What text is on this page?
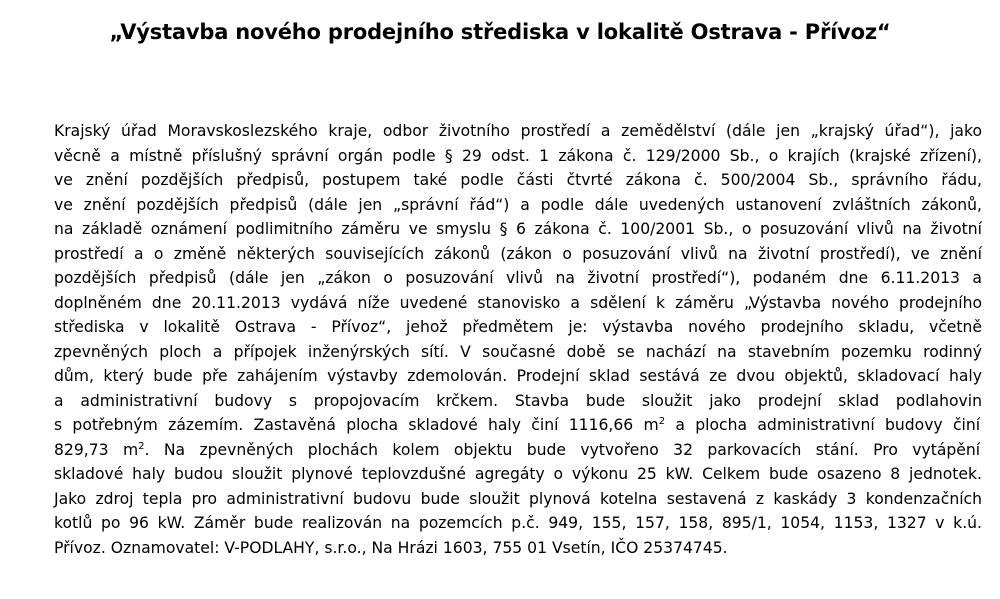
„Výstavba nového prodejního střediska v lokalitě Ostrava - Přívoz“
Krajský úřad Moravskoslezského kraje, odbor životního prostředí a zemědělství (dále jen „krajský úřad“), jako
věcně a místně příslušný správní orgán podle § 29 odst. 1 zákona č. 129/2000 Sb., o krajích (krajské zřízení),
ve znění pozdějších předpisů, postupem také podle části čtvrté zákona č. 500/2004 Sb., správního řádu,
ve znění pozdějších předpisů (dále jen „správní řád“) a podle dále uvedených ustanovení zvláštních zákonů,
na základě oznámení podlimitního záměru ve smyslu § 6 zákona č. 100/2001 Sb., o posuzování vlivů na životní
prostředí a o změně některých souvisejících zákonů (zákon o posuzování vlivů na životní prostředí), ve znění
pozdějších předpisů (dále jen „zákon o posuzování vlivů na životní prostředí“), podaném dne 6.11.2013 a
doplněném dne 20.11.2013 vydává níže uvedené stanovisko a sdělení k záměru „Výstavba nového prodejního
střediska v lokalitě Ostrava - Přívoz“, jehož předmětem je: výstavba nového prodejního skladu, včetně
zpevněných ploch a přípojek inženýrských sítí. V současné době se nachází na stavebním pozemku rodinný
dům, který bude pře zahájením výstavby zdemolován. Prodejní sklad sestává ze dvou objektů, skladovací haly
a administrativní budovy s propojovacím krčkem. Stavba bude sloužit jako prodejní sklad podlahovin
s potřebným zázemím. Zastavěná plocha skladové haly činí 1116,66 $m^2$ a plocha administrativní budovy činí
829,73 $m^2$. Na zpevněných plochách kolem objektu bude vytvořeno 32 parkovacích stání. Pro vytápění
skladové haly budou sloužit plynové teplovzdušné agregáty o výkonu 25 kW. Celkem bude osazeno 8 jednotek.
Jako zdroj tepla pro administrativní budovu bude sloužit plynová kotelna sestavená z kaskády 3 kondenzačních
kotlů po 96 kW. Záměr bude realizován na pozemcích p.č. 949, 155, 157, 158, 895/1, 1054, 1153, 1327 v k.ú.
Přívoz. Oznamovatel: V-PODLAHY, s.r.o., Na Hrázi 1603, 755 01 Vsetín, IČO 25374745.
